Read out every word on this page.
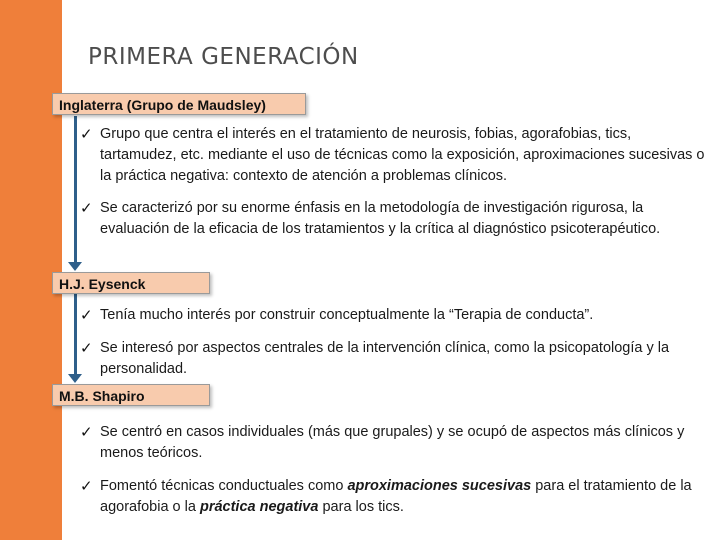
PRIMERA GENERACIÓN
Inglaterra (Grupo de Maudsley)
✓ Grupo que centra el interés en el tratamiento de neurosis, fobias, agorafobias, tics, tartamudez, etc. mediante el uso de técnicas como la exposición, aproximaciones sucesivas o la práctica negativa: contexto de atención a problemas clínicos.
✓ Se caracterizó por su enorme énfasis en la metodología de investigación rigurosa, la evaluación de la eficacia de los tratamientos y la crítica al diagnóstico psicoterapéutico.
H.J. Eysenck
✓ Tenía mucho interés por construir conceptualmente la “Terapia de conducta”.
✓ Se interesó por aspectos centrales de la intervención clínica, como la psicopatología y la personalidad.
M.B. Shapiro
✓ Se centró en casos individuales (más que grupales) y se ocupó de aspectos más clínicos y menos teóricos.
✓ Fomentó técnicas conductuales como aproximaciones sucesivas para el tratamiento de la agorafobia o la práctica negativa para los tics.
